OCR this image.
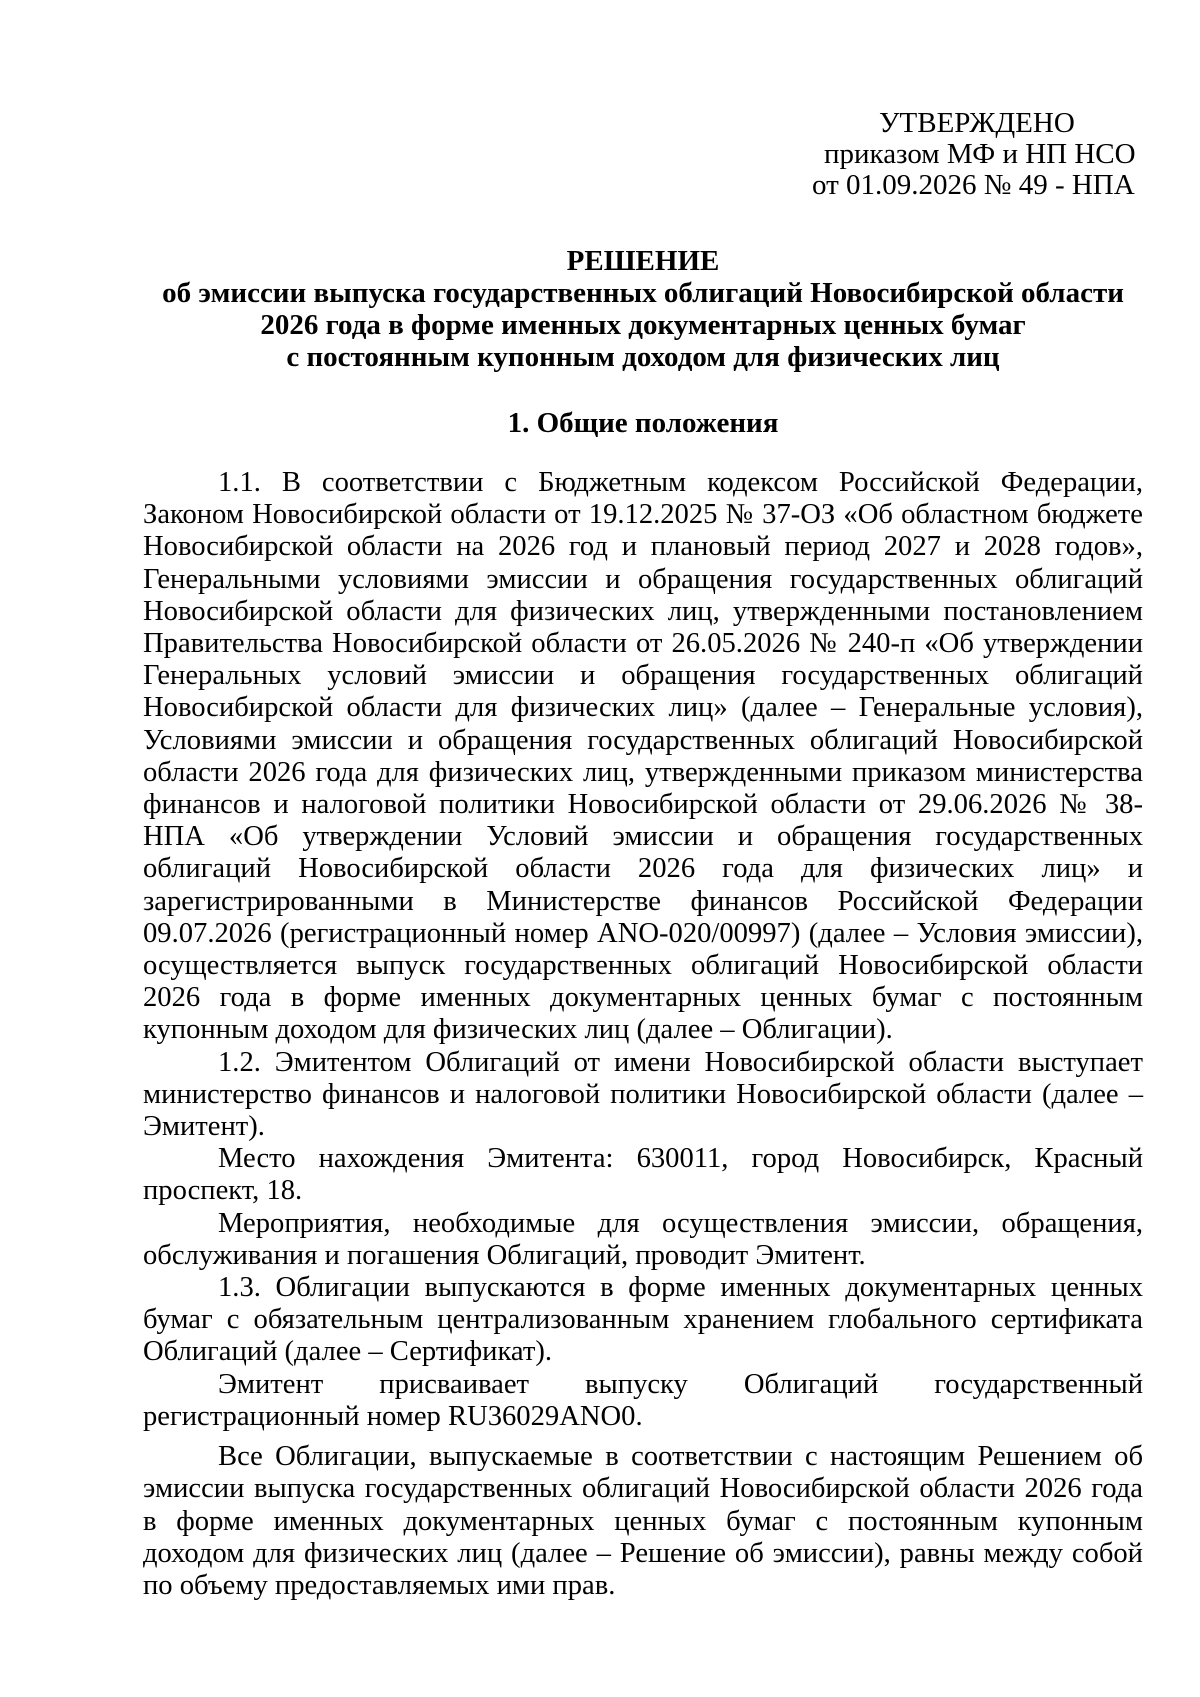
УТВЕРЖДЕНО
приказом МФ и НП НСО
от 01.09.2026 № 49 - НПА
РЕШЕНИЕ
об эмиссии выпуска государственных облигаций Новосибирской области
2026 года в форме именных документарных ценных бумаг
с постоянным купонным доходом для физических лиц
1. Общие положения

1.1. В соответствии с Бюджетным кодексом Российской Федерации, Законом Новосибирской области от 19.12.2025 № 37-ОЗ «Об областном бюджете Новосибирской области на 2026 год и плановый период 2027 и 2028 годов», Генеральными условиями эмиссии и обращения государственных облигаций Новосибирской области для физических лиц, утвержденными постановлением Правительства Новосибирской области от 26.05.2026 № 240-п «Об утверждении Генеральных условий эмиссии и обращения государственных облигаций Новосибирской области для физических лиц» (далее – Генеральные условия), Условиями эмиссии и обращения государственных облигаций Новосибирской области 2026 года для физических лиц, утвержденными приказом министерства финансов и налоговой политики Новосибирской области от 29.06.2026 № 38-НПА «Об утверждении Условий эмиссии и обращения государственных облигаций Новосибирской области 2026 года для физических лиц» и зарегистрированными в Министерстве финансов Российской Федерации 09.07.2026 (регистрационный номер ANO-020/00997) (далее – Условия эмиссии), осуществляется выпуск государственных облигаций Новосибирской области 2026 года в форме именных документарных ценных бумаг с постоянным купонным доходом для физических лиц (далее – Облигации).

1.2. Эмитентом Облигаций от имени Новосибирской области выступает министерство финансов и налоговой политики Новосибирской области (далее – Эмитент).

Место нахождения Эмитента: 630011, город Новосибирск, Красный проспект, 18.

Мероприятия, необходимые для осуществления эмиссии, обращения, обслуживания и погашения Облигаций, проводит Эмитент.

1.3. Облигации выпускаются в форме именных документарных ценных бумаг с обязательным централизованным хранением глобального сертификата Облигаций (далее – Сертификат).

Эмитент присваивает выпуску Облигаций государственный регистрационный номер RU36029ANO0.

Все Облигации, выпускаемые в соответствии с настоящим Решением об эмиссии выпуска государственных облигаций Новосибирской области 2026 года в форме именных документарных ценных бумаг с постоянным купонным доходом для физических лиц (далее – Решение об эмиссии), равны между собой по объему предоставляемых ими прав.
